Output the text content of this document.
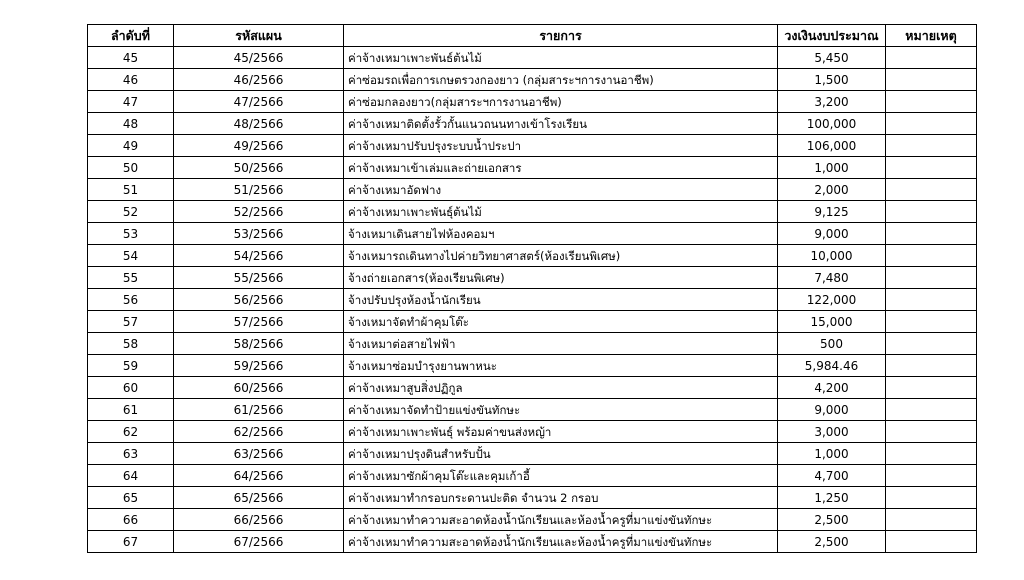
ลำดับที่	รหัสแผน	รายการ	วงเงินงบประมาณ	หมายเหตุ
45	45/2566	ค่าจ้างเหมาเพาะพันธ์ต้นไม้	5,450	
46	46/2566	ค่าซ่อมรถเพื่อการเกษตรวงกองยาว (กลุ่มสาระฯการงานอาชีพ)	1,500	
47	47/2566	ค่าซ่อมกลองยาว(กลุ่มสาระฯการงานอาชีพ)	3,200	
48	48/2566	ค่าจ้างเหมาติดตั้งรั้วกั้นแนวถนนทางเข้าโรงเรียน	100,000	
49	49/2566	ค่าจ้างเหมาปรับปรุงระบบน้ำประปา	106,000	
50	50/2566	ค่าจ้างเหมาเข้าเล่มและถ่ายเอกสาร	1,000	
51	51/2566	ค่าจ้างเหมาอัดฟาง	2,000	
52	52/2566	ค่าจ้างเหมาเพาะพันธุ์ต้นไม้	9,125	
53	53/2566	จ้างเหมาเดินสายไฟห้องคอมฯ	9,000	
54	54/2566	จ้างเหมารถเดินทางไปค่ายวิทยาศาสตร์(ห้องเรียนพิเศษ)	10,000	
55	55/2566	จ้างถ่ายเอกสาร(ห้องเรียนพิเศษ)	7,480	
56	56/2566	จ้างปรับปรุงห้องน้ำนักเรียน	122,000	
57	57/2566	จ้างเหมาจัดทำผ้าคุมโต๊ะ	15,000	
58	58/2566	จ้างเหมาต่อสายไฟฟ้า	500	
59	59/2566	จ้างเหมาซ่อมบำรุงยานพาหนะ	5,984.46	
60	60/2566	ค่าจ้างเหมาสูบสิ่งปฏิกูล	4,200	
61	61/2566	ค่าจ้างเหมาจัดทำป้ายแข่งขันทักษะ	9,000	
62	62/2566	ค่าจ้างเหมาเพาะพันธุ์ พร้อมค่าขนส่งหญ้า	3,000	
63	63/2566	ค่าจ้างเหมาปรุงดินสำหรับปั้น	1,000	
64	64/2566	ค่าจ้างเหมาซักผ้าคุมโต๊ะและคุมเก้าอี้	4,700	
65	65/2566	ค่าจ้างเหมาทำกรอบกระดานปะติด จำนวน 2 กรอบ	1,250	
66	66/2566	ค่าจ้างเหมาทำความสะอาดห้องน้ำนักเรียนและห้องน้ำครูที่มาแข่งขันทักษะ	2,500	
67	67/2566	ค่าจ้างเหมาทำความสะอาดห้องน้ำนักเรียนและห้องน้ำครูที่มาแข่งขันทักษะ	2,500	
